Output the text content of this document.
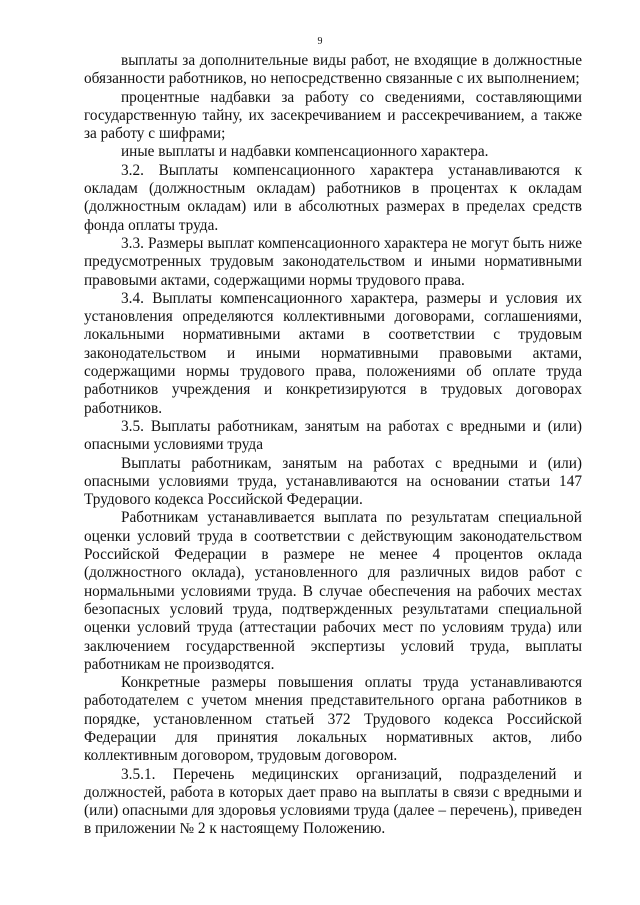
9

выплаты за дополнительные виды работ, не входящие в должностные обязанности работников, но непосредственно связанные с их выполнением;

процентные надбавки за работу со сведениями, составляющими государственную тайну, их засекречиванием и рассекречиванием, а также за работу с шифрами;

иные выплаты и надбавки компенсационного характера.

3.2. Выплаты компенсационного характера устанавливаются к окладам (должностным окладам) работников в процентах к окладам (должностным окладам) или в абсолютных размерах в пределах средств фонда оплаты труда.

3.3. Размеры выплат компенсационного характера не могут быть ниже предусмотренных трудовым законодательством и иными нормативными правовыми актами, содержащими нормы трудового права.

3.4. Выплаты компенсационного характера, размеры и условия их установления определяются коллективными договорами, соглашениями, локальными нормативными актами в соответствии с трудовым законодательством и иными нормативными правовыми актами, содержащими нормы трудового права, положениями об оплате труда работников учреждения и конкретизируются в трудовых договорах работников.

3.5. Выплаты работникам, занятым на работах с вредными и (или) опасными условиями труда

Выплаты работникам, занятым на работах с вредными и (или) опасными условиями труда, устанавливаются на основании статьи 147 Трудового кодекса Российской Федерации.

Работникам устанавливается выплата по результатам специальной оценки условий труда в соответствии с действующим законодательством Российской Федерации в размере не менее 4 процентов оклада (должностного оклада), установленного для различных видов работ с нормальными условиями труда. В случае обеспечения на рабочих местах безопасных условий труда, подтвержденных результатами специальной оценки условий труда (аттестации рабочих мест по условиям труда) или заключением государственной экспертизы условий труда, выплаты работникам не производятся.

Конкретные размеры повышения оплаты труда устанавливаются работодателем с учетом мнения представительного органа работников в порядке, установленном статьей 372 Трудового кодекса Российской Федерации для принятия локальных нормативных актов, либо коллективным договором, трудовым договором.

3.5.1. Перечень медицинских организаций, подразделений и должностей, работа в которых дает право на выплаты в связи с вредными и (или) опасными для здоровья условиями труда (далее – перечень), приведен в приложении № 2 к настоящему Положению.
